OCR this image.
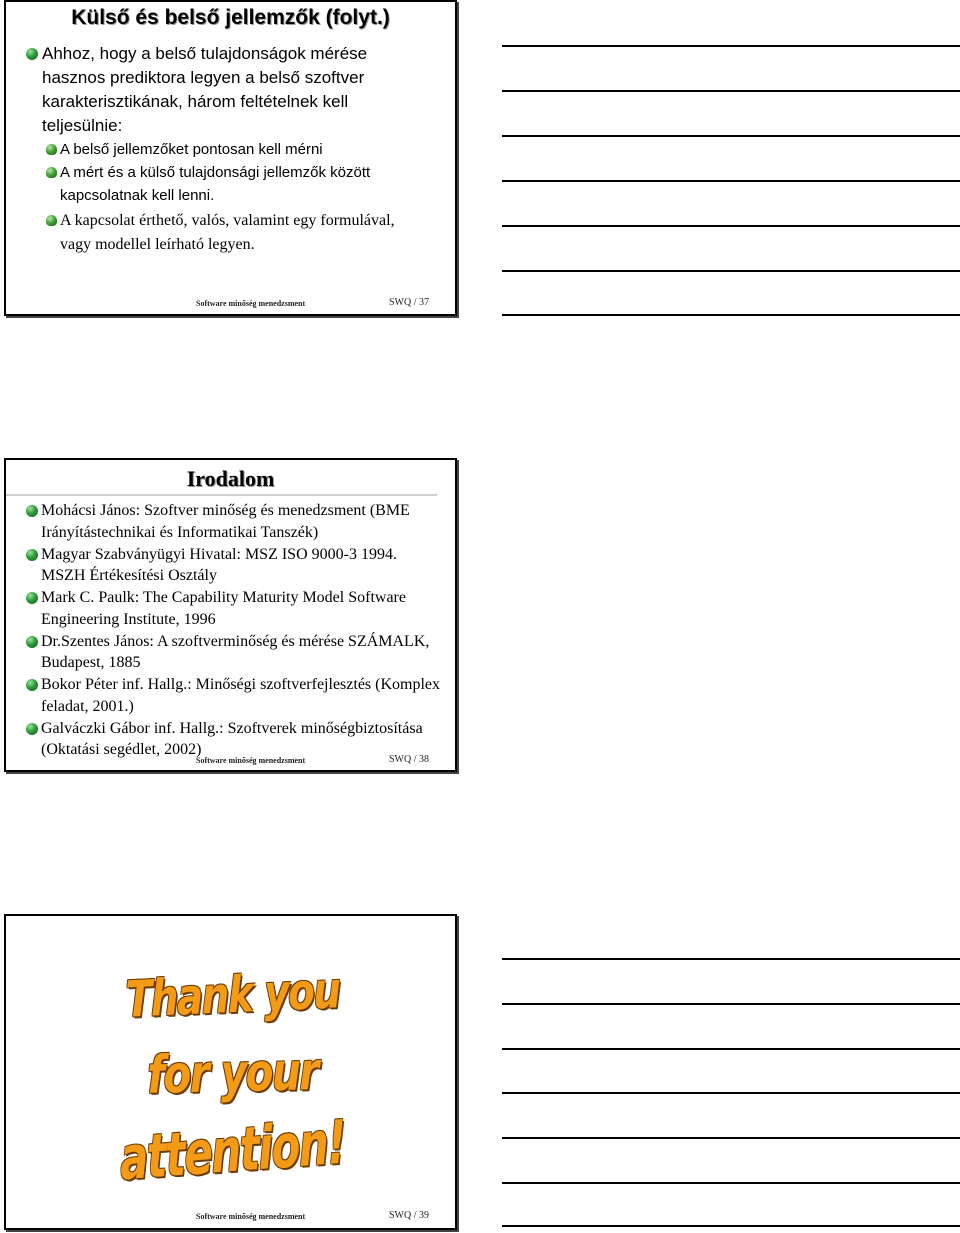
Külső és belső jellemzők (folyt.)
Ahhoz, hogy a belső tulajdonságok mérése hasznos prediktora legyen a belső szoftver karakterisztikának, három feltételnek kell teljesülnie:
A belső jellemzőket pontosan kell mérni
A mért és a külső tulajdonsági jellemzők között kapcsolatnak kell lenni.
A kapcsolat érthető, valós, valamint egy formulával, vagy modellel leírható legyen.
Software minőség menedzsment	SWQ / 37
Irodalom
Mohácsi János: Szoftver minőség és menedzsment (BME Irányítástechnikai és Informatikai Tanszék)
Magyar Szabványügyi Hivatal: MSZ ISO 9000-3 1994. MSZH Értékesítési Osztály
Mark C. Paulk: The Capability Maturity Model Software Engineering Institute, 1996
Dr.Szentes János: A szoftverminőség és mérése SZÁMALK, Budapest, 1885
Bokor Péter inf. Hallg.: Minőségi szoftverfejlesztés (Komplex feladat, 2001.)
Galváczki Gábor inf. Hallg.: Szoftverek minőségbiztosítása (Oktatási segédlet, 2002)
Software minőség menedzsment	SWQ / 38
Thank you
for your
attention!
Software minőség menedzsment	SWQ / 39
